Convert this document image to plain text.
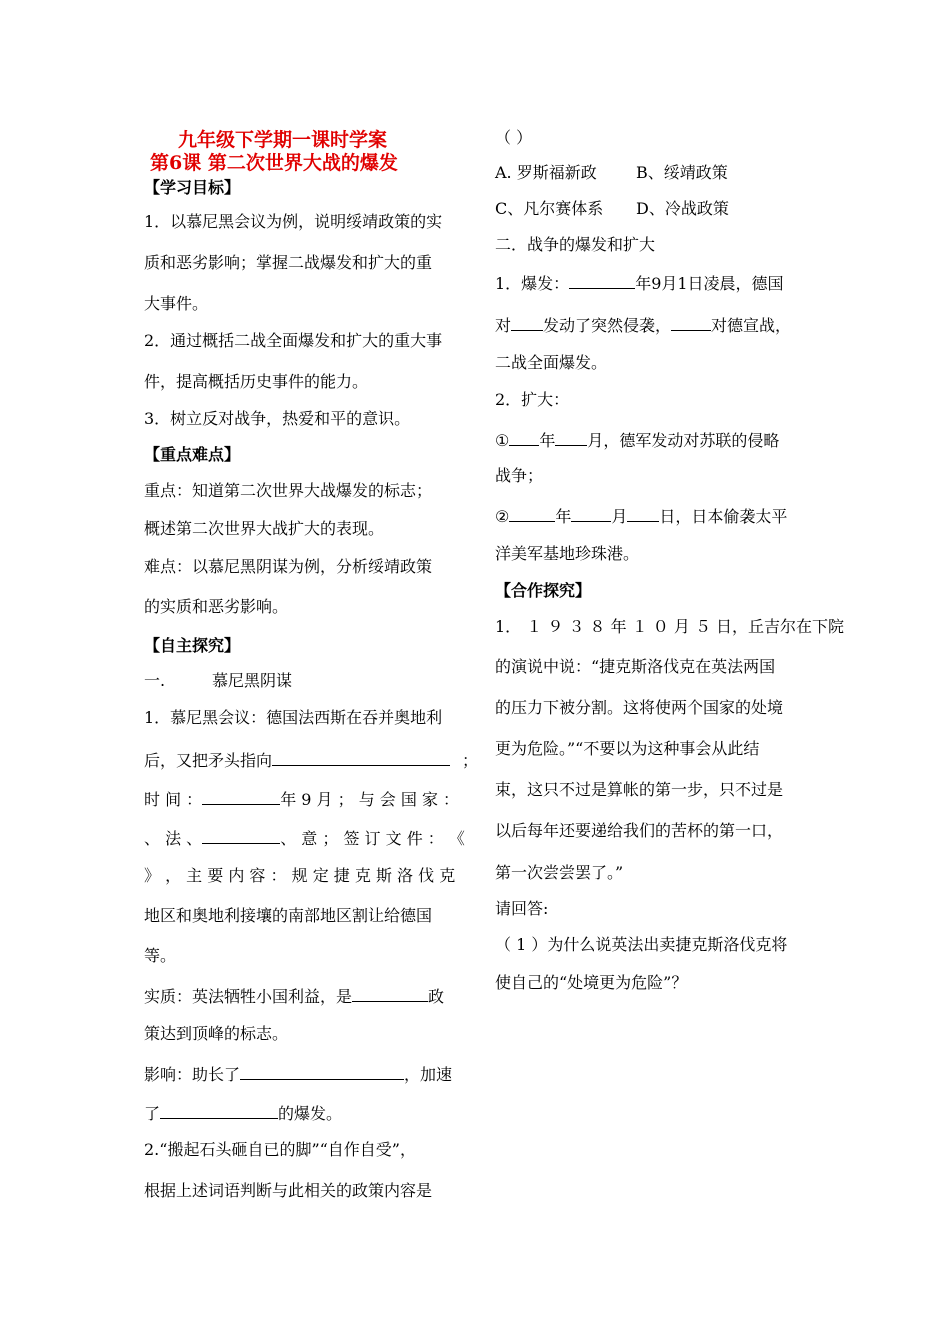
九年级下学期一课时学案
第6课 第二次世界大战的爆发
【学习目标】
1．以慕尼黑会议为例，说明绥靖政策的实
质和恶劣影响；掌握二战爆发和扩大的重
大事件。
2．通过概括二战全面爆发和扩大的重大事
件，提高概括历史事件的能力。
3．树立反对战争，热爱和平的意识。
【重点难点】
重点：知道第二次世界大战爆发的标志；
概述第二次世界大战扩大的表现。
难点：以慕尼黑阴谋为例，分析绥靖政策
的实质和恶劣影响。
【自主探究】
一.	慕尼黑阴谋
1．慕尼黑会议：德国法西斯在吞并奥地利
后，又把矛头指向	；
时 间 ：	年 9 月 ； 与 会 国 家 ：
、 法 、	、 意 ； 签 订 文 件 ： 《
》 ， 主 要 内 容 ： 规 定 捷 克 斯 洛 伐 克
地区和奥地利接壤的南部地区割让给德国
等。
实质：英法牺牲小国利益，是	政
策达到顶峰的标志。
影响：助长了	，加速
了	的爆发。
2.“搬起石头砸自已的脚”“自作自受”，
根据上述词语判断与此相关的政策内容是
（ ）
A. 罗斯福新政 B、绥靖政策
C、凡尔赛体系 D、冷战政策
二．战争的爆发和扩大
1．爆发：	年9月1日凌晨，德国
对 发动了突然侵袭，	对德宣战，
二战全面爆发。
2．扩大：
① 年 月，德军发动对苏联的侵略
战争；
②	年	月 日，日本偷袭太平
洋美军基地珍珠港。
【合作探究】
1． １ ９ ３ ８ 年 １ ０ 月 ５ 日，丘吉尔在下院
的演说中说：“捷克斯洛伐克在英法两国
的压力下被分割。这将使两个国家的处境
更为危险。”“不要以为这种事会从此结
束，这只不过是算帐的第一步，只不过是
以后每年还要递给我们的苦杯的第一口，
第一次尝尝罢了。”
请回答:
（ 1 ）为什么说英法出卖捷克斯洛伐克将
使自己的“处境更为危险”？
